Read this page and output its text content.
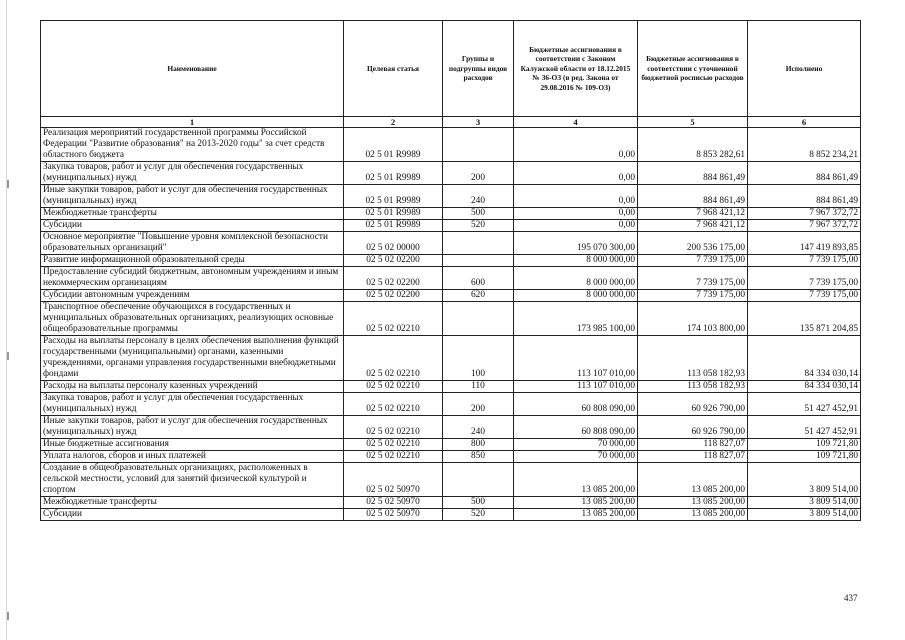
Наименование	Целевая статья	Группы и подгруппы видов расходов	Бюджетные ассигнования в соответствии с Законом Калужской области от 18.12.2015 № 36-ОЗ (в ред. Закона от 29.08.2016 № 109-ОЗ)	Бюджетные ассигнования в соответствии с уточненной бюджетной росписью расходов	Исполнено
1	2	3	4	5	6
Реализация мероприятий государственной программы Российской Федерации "Развитие образования" на 2013-2020 годы" за счет средств областного бюджета	02 5 01 R9989		0,00	8 853 282,61	8 852 234,21
Закупка товаров, работ и услуг для обеспечения государственных (муниципальных) нужд	02 5 01 R9989	200	0,00	884 861,49	884 861,49
Иные закупки товаров, работ и услуг для обеспечения государственных (муниципальных) нужд	02 5 01 R9989	240	0,00	884 861,49	884 861,49
Межбюджетные трансферты	02 5 01 R9989	500	0,00	7 968 421,12	7 967 372,72
Субсидии	02 5 01 R9989	520	0,00	7 968 421,12	7 967 372,72
Основное мероприятие "Повышение уровня комплексной безопасности образовательных организаций"	02 5 02 00000		195 070 300,00	200 536 175,00	147 419 893,85
Развитие информационной образовательной среды	02 5 02 02200		8 000 000,00	7 739 175,00	7 739 175,00
Предоставление субсидий бюджетным, автономным учреждениям и иным некоммерческим организациям	02 5 02 02200	600	8 000 000,00	7 739 175,00	7 739 175,00
Субсидии автономным учреждениям	02 5 02 02200	620	8 000 000,00	7 739 175,00	7 739 175,00
Транспортное обеспечение обучающихся в государственных и муниципальных образовательных организациях, реализующих основные общеобразовательные программы	02 5 02 02210		173 985 100,00	174 103 800,00	135 871 204,85
Расходы на выплаты персоналу в целях обеспечения выполнения функций государственными (муниципальными) органами, казенными учреждениями, органами управления государственными внебюджетными фондами	02 5 02 02210	100	113 107 010,00	113 058 182,93	84 334 030,14
Расходы на выплаты персоналу казенных учреждений	02 5 02 02210	110	113 107 010,00	113 058 182,93	84 334 030,14
Закупка товаров, работ и услуг для обеспечения государственных (муниципальных) нужд	02 5 02 02210	200	60 808 090,00	60 926 790,00	51 427 452,91
Иные закупки товаров, работ и услуг для обеспечения государственных (муниципальных) нужд	02 5 02 02210	240	60 808 090,00	60 926 790,00	51 427 452,91
Иные бюджетные ассигнования	02 5 02 02210	800	70 000,00	118 827,07	109 721,80
Уплата налогов, сборов и иных платежей	02 5 02 02210	850	70 000,00	118 827,07	109 721,80
Создание в общеобразовательных организациях, расположенных в сельской местности, условий для занятий физической культурой и спортом	02 5 02 50970		13 085 200,00	13 085 200,00	3 809 514,00
Межбюджетные трансферты	02 5 02 50970	500	13 085 200,00	13 085 200,00	3 809 514,00
Субсидии	02 5 02 50970	520	13 085 200,00	13 085 200,00	3 809 514,00
437
